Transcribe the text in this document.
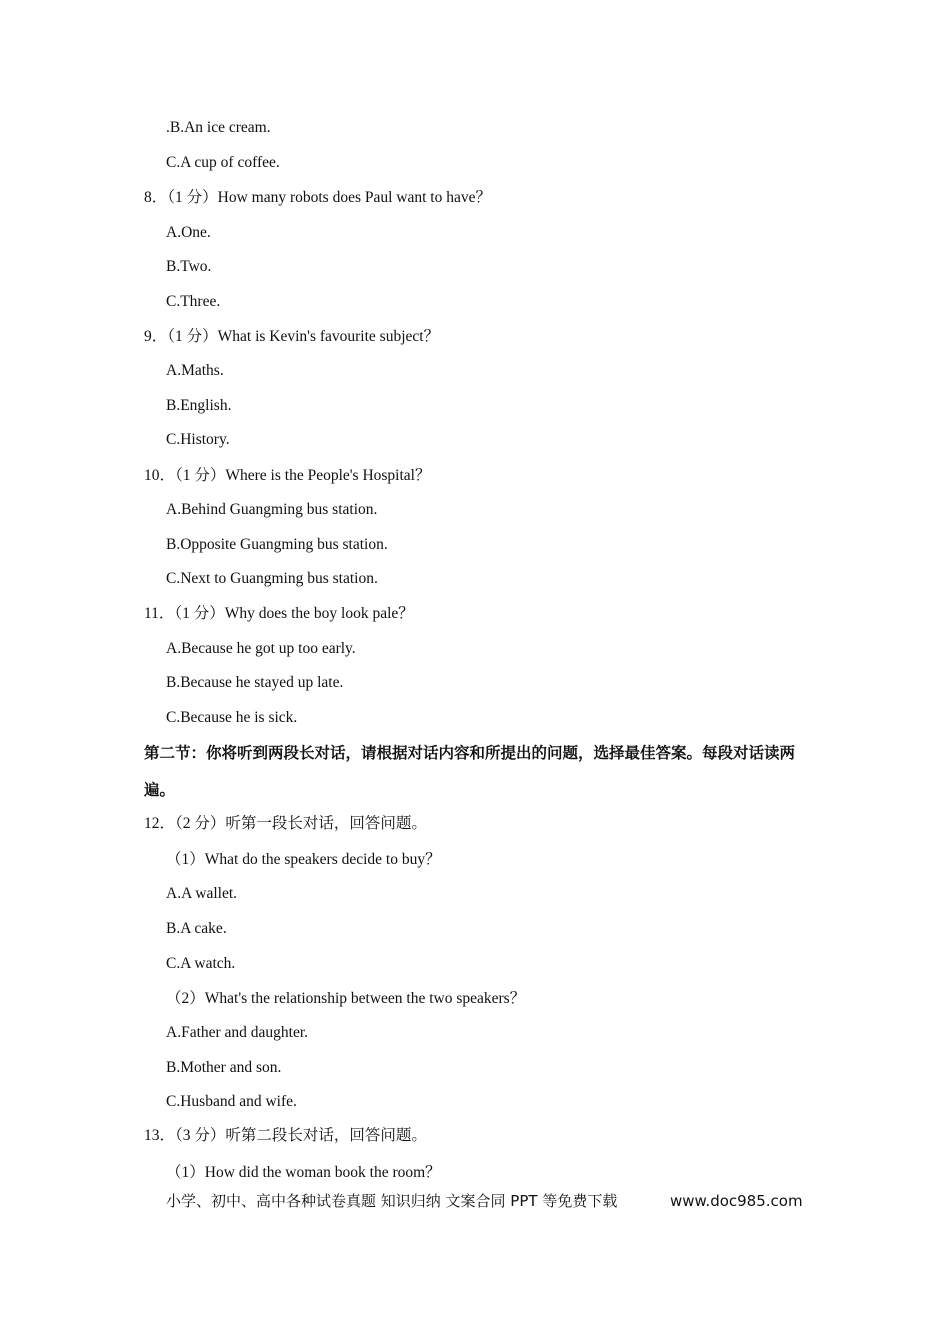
.B.An ice cream.
C.A cup of coffee.
8．（1 分）How many robots does Paul want to have？
A.One.
B.Two.
C.Three.
9．（1 分）What is Kevin's favourite subject？
A.Maths.
B.English.
C.History.
10．（1 分）Where is the People's Hospital？
A.Behind Guangming bus station.
B.Opposite Guangming bus station.
C.Next to Guangming bus station.
11．（1 分）Why does the boy look pale？
A.Because he got up too early.
B.Because he stayed up late.
C.Because he is sick.
第二节：你将听到两段长对话，请根据对话内容和所提出的问题，选择最佳答案。每段对话读两遍。
12．（2 分）听第一段长对话，回答问题。
（1）What do the speakers decide to buy？
A.A wallet.
B.A cake.
C.A watch.
（2）What's the relationship between the two speakers？
A.Father and daughter.
B.Mother and son.
C.Husband and wife.
13．（3 分）听第二段长对话，回答问题。
（1）How did the woman book the room？
小学、初中、高中各种试卷真题 知识归纳 文案合同 PPT 等免费下载	www.doc985.com
